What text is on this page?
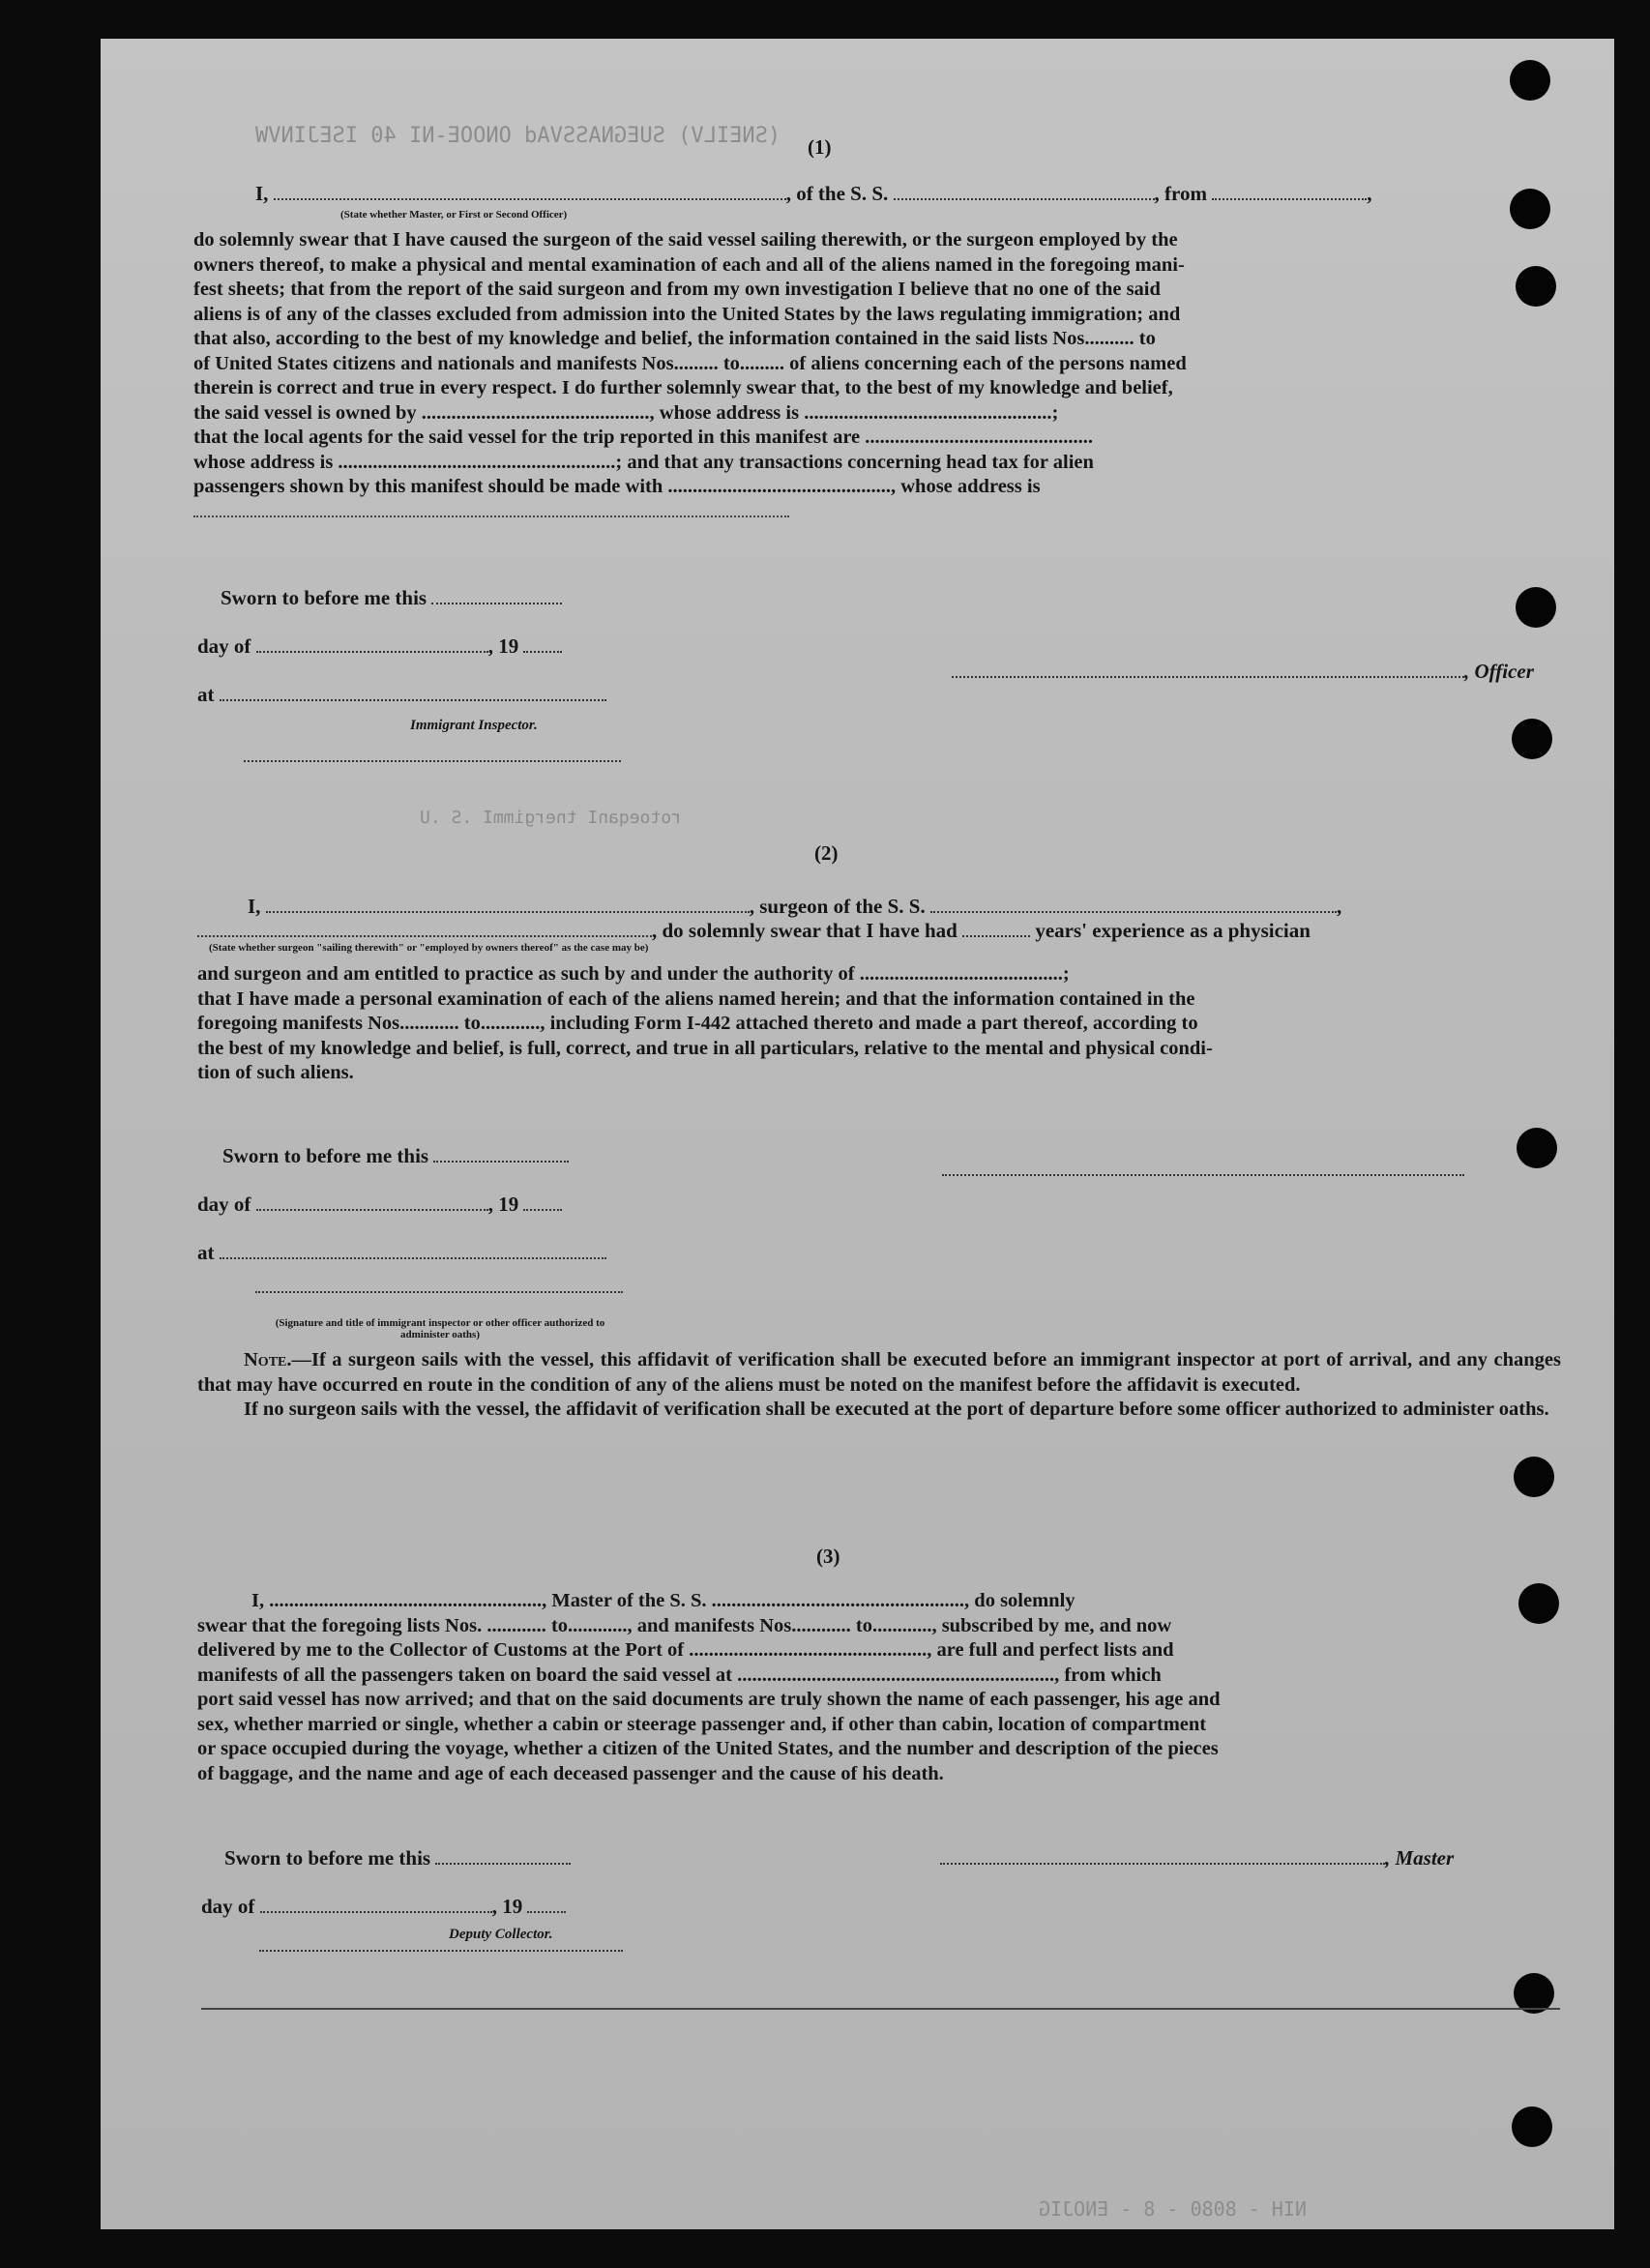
(SNEILV) SUEGNASSVAd ONOOE-NI 40 ISEJINVW
rotoeqanI tnergimmI .S .U
(1)
I,	, of the S. S.	, from	,
(State whether Master, or First or Second Officer)

do solemnly swear that I have caused the surgeon of the said vessel sailing therewith, or the surgeon employed by the

owners thereof, to make a physical and mental examination of each and all of the aliens named in the foregoing mani-

fest sheets; that from the report of the said surgeon and from my own investigation I believe that no one of the said

aliens is of any of the classes excluded from admission into the United States by the laws regulating immigration; and

that also, according to the best of my knowledge and belief, the information contained in the said lists Nos.......... to

of United States citizens and nationals and manifests Nos......... to......... of aliens concerning each of the persons named

therein is correct and true in every respect. I do further solemnly swear that, to the best of my knowledge and belief,

the said vessel is owned by .............................................., whose address is ..................................................;

that the local agents for the said vessel for the trip reported in this manifest are ..............................................

whose address is ........................................................; and that any transactions concerning head tax for alien

passengers shown by this manifest should be made with ............................................., whose address is

Sworn to before me this
day of	, 19
at
, Officer
Immigrant Inspector.
(2)
I,	, surgeon of the S. S.	,
, do solemnly swear that I have had	years' experience as a physician
(State whether surgeon "sailing therewith" or "employed by owners thereof" as the case may be)

and surgeon and am entitled to practice as such by and under the authority of .........................................;

that I have made a personal examination of each of the aliens named herein; and that the information contained in the

foregoing manifests Nos............ to............, including Form I-442 attached thereto and made a part thereof, according to

the best of my knowledge and belief, is full, correct, and true in all particulars, relative to the mental and physical condi-

tion of such aliens.

Sworn to before me this
day of	, 19
at
(Signature and title of immigrant inspector or other officer authorized to administer oaths)

Note.—If a surgeon sails with the vessel, this affidavit of verification shall be executed before an immigrant inspector at port of arrival, and any changes that may have occurred en route in the condition of any of the aliens must be noted on the manifest before the affidavit is executed.

If no surgeon sails with the vessel, the affidavit of verification shall be executed at the port of departure before some officer authorized to administer oaths.

(3)

I, ......................................................., Master of the S. S. ..................................................., do solemnly

swear that the foregoing lists Nos. ............ to............, and manifests Nos............ to............, subscribed by me, and now

delivered by me to the Collector of Customs at the Port of ................................................, are full and perfect lists and

manifests of all the passengers taken on board the said vessel at ................................................................, from which

port said vessel has now arrived; and that on the said documents are truly shown the name of each passenger, his age and

sex, whether married or single, whether a cabin or steerage passenger and, if other than cabin, location of compartment

or space occupied during the voyage, whether a citizen of the United States, and the number and description of the pieces

of baggage, and the name and age of each deceased passenger and the cause of his death.

Sworn to before me this	, Master
day of	, 19
Deputy Collector.
NIH - 8080 - 8 - ENOJIG
